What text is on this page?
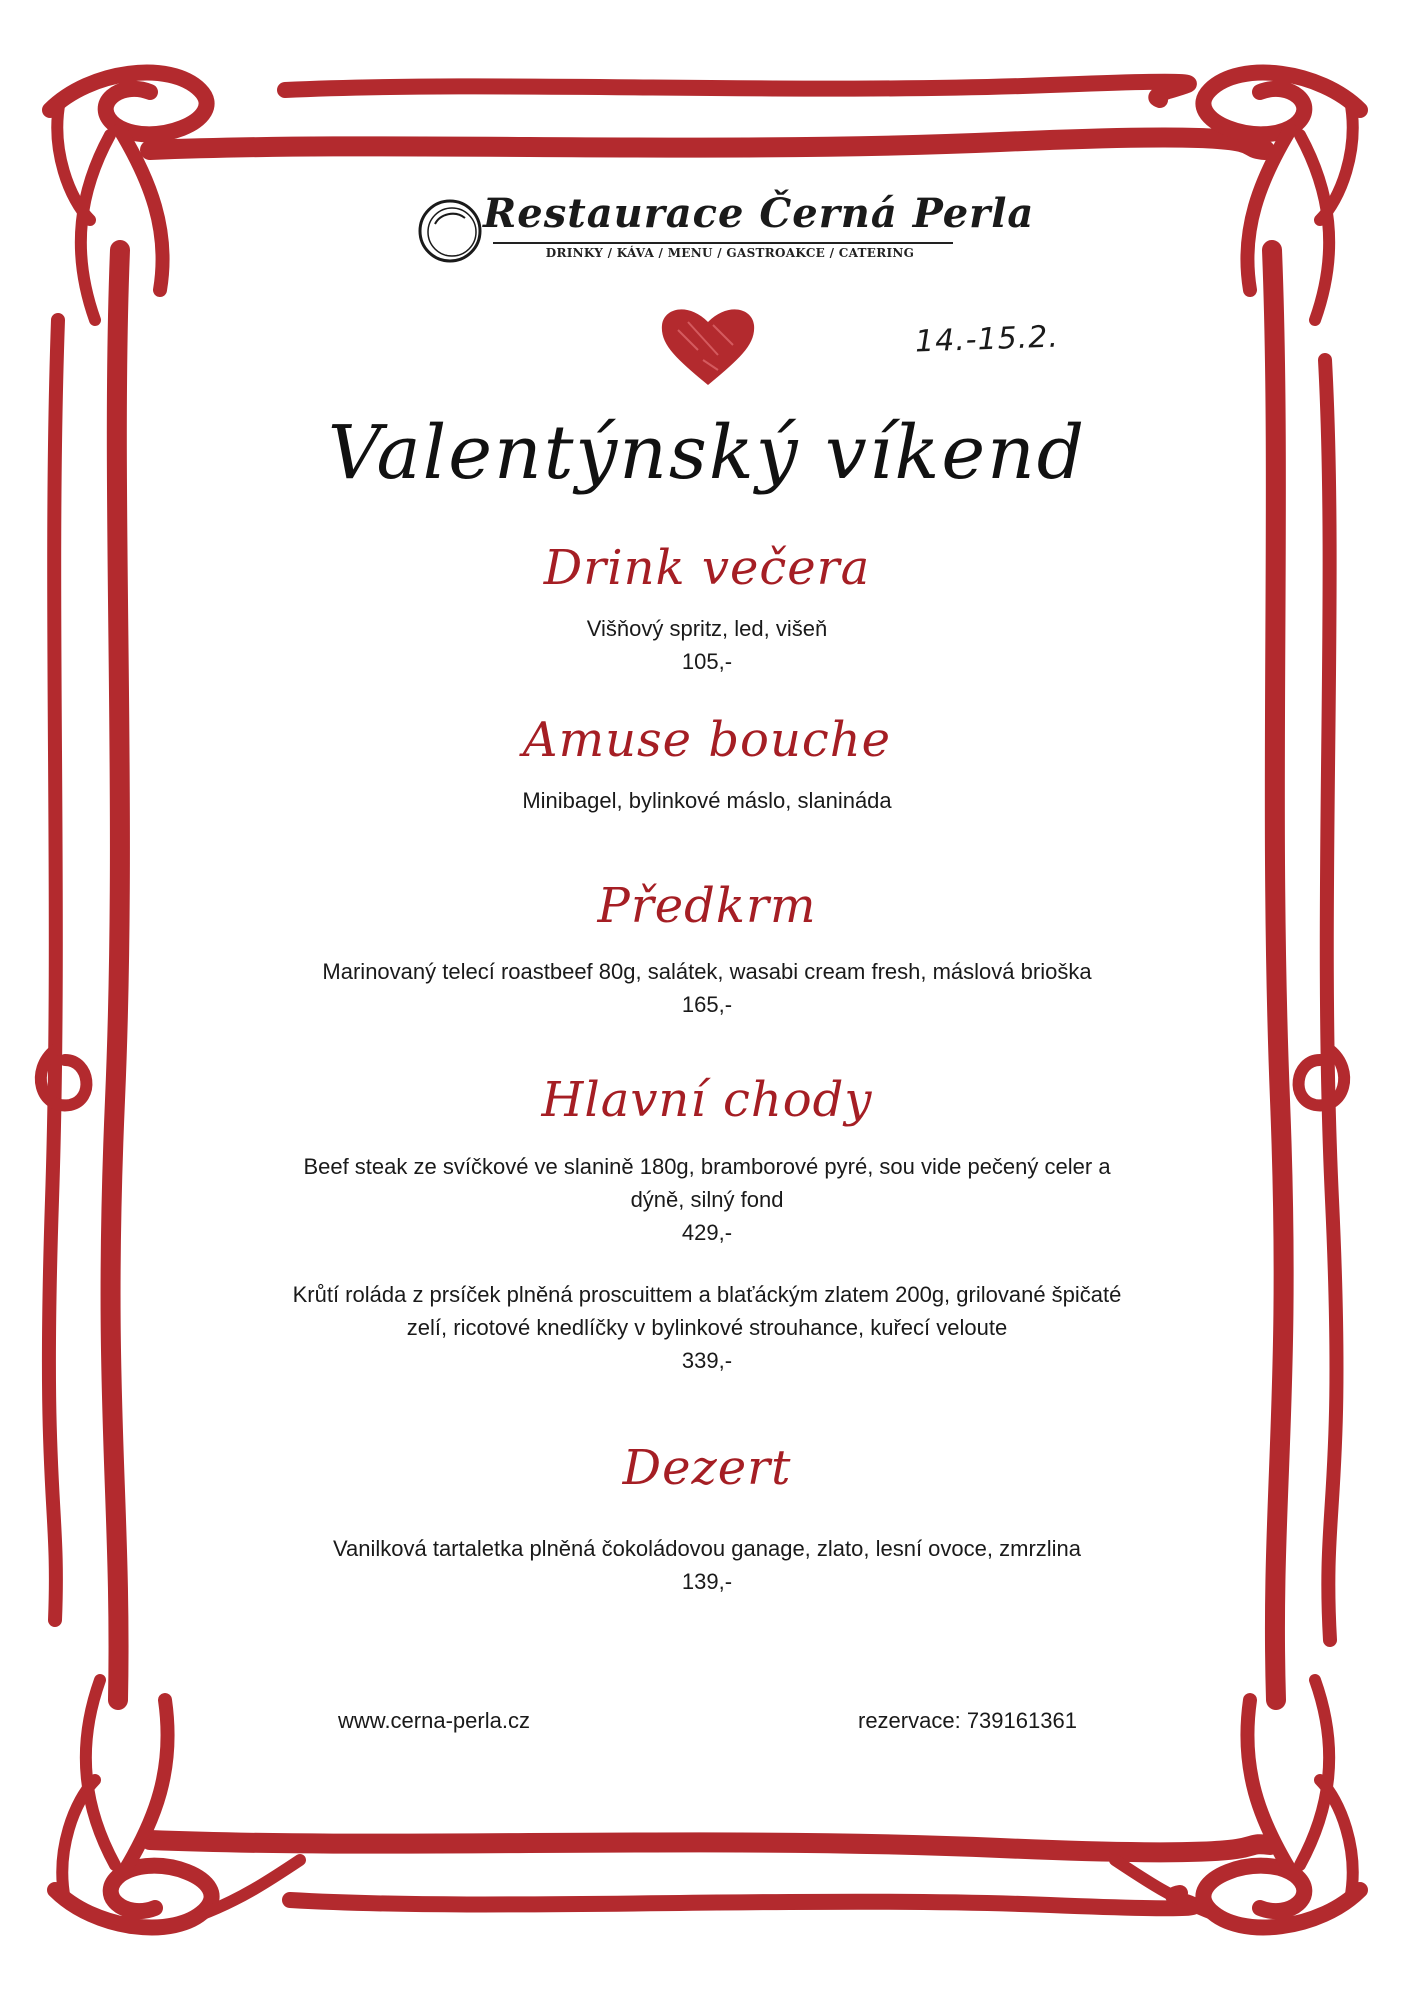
Restaurace Černá Perla
DRINKY / KÁVA / MENU / GASTROAKCE / CATERING
14.-15.2.
Valentýnský víkend
Drink večera
Višňový spritz, led, višeň
105,-
Amuse bouche
Minibagel, bylinkové máslo, slanináda
Předkrm
Marinovaný telecí roastbeef 80g, salátek, wasabi cream fresh, máslová brioška
165,-
Hlavní chody
Beef steak ze svíčkové ve slanině 180g, bramborové pyré, sou vide pečený celer a
dýně, silný fond
429,-
Krůtí roláda z prsíček plněná proscuittem a blaťáckým zlatem 200g, grilované špičaté
zelí, ricotové knedlíčky v bylinkové strouhance, kuřecí veloute
339,-
Dezert
Vanilková tartaletka plněná čokoládovou ganage, zlato, lesní ovoce, zmrzlina
139,-
www.cerna-perla.cz	rezervace: 739161361
